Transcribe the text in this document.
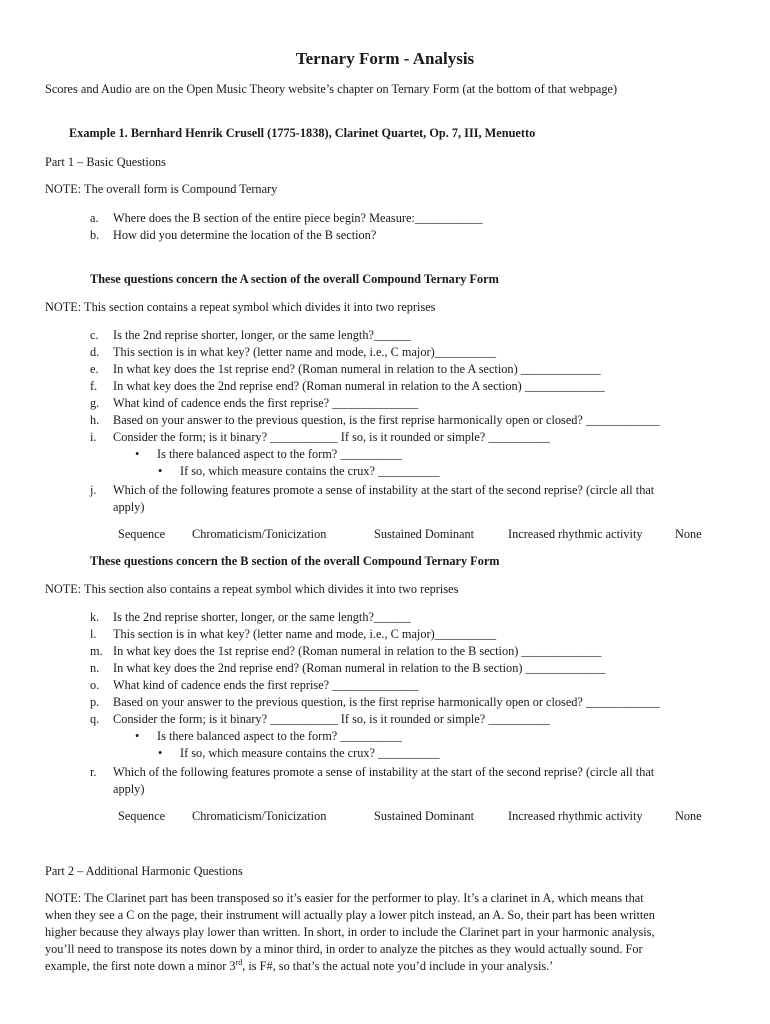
Ternary Form - Analysis
Scores and Audio are on the Open Music Theory website’s chapter on Ternary Form (at the bottom of that webpage)
Example 1. Bernhard Henrik Crusell (1775-1838), Clarinet Quartet, Op. 7, III, Menuetto
Part 1 – Basic Questions
NOTE: The overall form is Compound Ternary
a.	Where does the B section of the entire piece begin? Measure:___________
b.	How did you determine the location of the B section?
These questions concern the A section of the overall Compound Ternary Form
NOTE: This section contains a repeat symbol which divides it into two reprises
c.	Is the 2nd reprise shorter, longer, or the same length?______
d.	This section is in what key? (letter name and mode, i.e., C major)__________
e.	In what key does the 1st reprise end? (Roman numeral in relation to the A section) _____________
f.	In what key does the 2nd reprise end? (Roman numeral in relation to the A section) _____________
g.	What kind of cadence ends the first reprise? ______________
h.	Based on your answer to the previous question, is the first reprise harmonically open or closed? ____________
i.	Consider the form; is it binary? ___________ If so, is it rounded or simple? __________
• Is there balanced aspect to the form? __________
• If so, which measure contains the crux? __________
j.	Which of the following features promote a sense of instability at the start of the second reprise? (circle all that
apply)
Sequence Chromaticism/Tonicization	Sustained Dominant	Increased rhythmic activity	None
These questions concern the B section of the overall Compound Ternary Form
NOTE: This section also contains a repeat symbol which divides it into two reprises
k.	Is the 2nd reprise shorter, longer, or the same length?______
l.	This section is in what key? (letter name and mode, i.e., C major)__________
m. In what key does the 1st reprise end? (Roman numeral in relation to the B section) _____________
n.	In what key does the 2nd reprise end? (Roman numeral in relation to the B section) _____________
o.	What kind of cadence ends the first reprise? ______________
p.	Based on your answer to the previous question, is the first reprise harmonically open or closed? ____________
q.	Consider the form; is it binary? ___________ If so, is it rounded or simple? __________
• Is there balanced aspect to the form? __________
• If so, which measure contains the crux? __________
r.	Which of the following features promote a sense of instability at the start of the second reprise? (circle all that
apply)
Sequence Chromaticism/Tonicization	Sustained Dominant	Increased rhythmic activity	None
Part 2 – Additional Harmonic Questions
NOTE: The Clarinet part has been transposed so it’s easier for the performer to play. It’s a clarinet in A, which means that
when they see a C on the page, their instrument will actually play a lower pitch instead, an A. So, their part has been written
higher because they always play lower than written. In short, in order to include the Clarinet part in your harmonic analysis,
you’ll need to transpose its notes down by a minor third, in order to analyze the pitches as they would actually sound. For
example, the first note down a minor 3rd, is F#, so that’s the actual note you’d include in your analysis.’
